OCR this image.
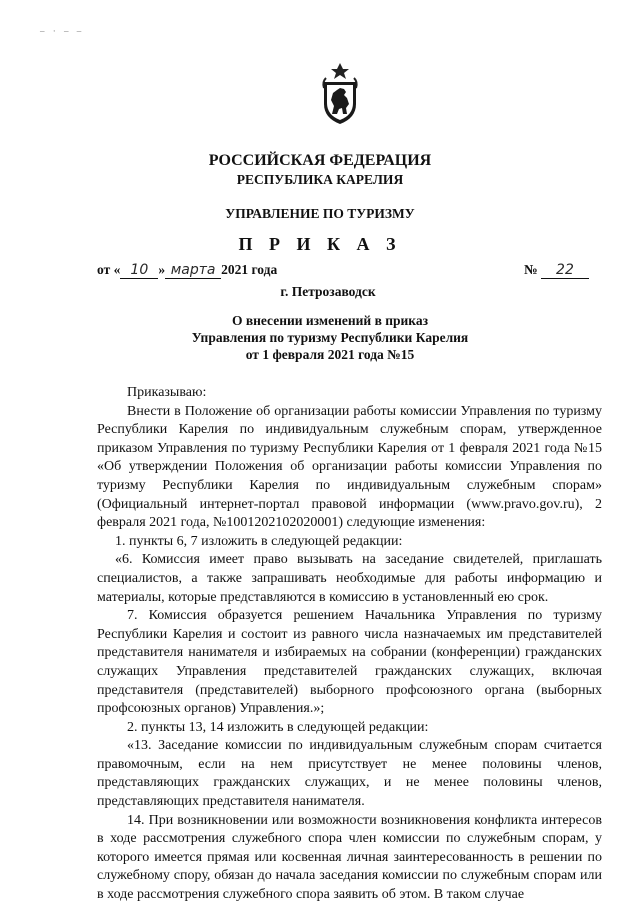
– · – –
РОССИЙСКАЯ ФЕДЕРАЦИЯ
РЕСПУБЛИКА КАРЕЛИЯ
УПРАВЛЕНИЕ ПО ТУРИЗМУ
П Р И К А З
от « 10 » марта 2021 года	№ 22
г. Петрозаводск
О внесении изменений в приказ
Управления по туризму Республики Карелия
от 1 февраля 2021 года №15

Приказываю:

Внести в Положение об организации работы комиссии Управления по туризму Республики Карелия по индивидуальным служебным спорам, утвержденное приказом Управления по туризму Республики Карелия от 1 февраля 2021 года №15 «Об утверждении Положения об организации работы комиссии Управления по туризму Республики Карелия по индивидуальным служебным спорам» (Официальный интернет-портал правовой информации (www.pravo.gov.ru), 2 февраля 2021 года, №1001202102020001) следующие изменения:

1. пункты 6, 7 изложить в следующей редакции:

«6. Комиссия имеет право вызывать на заседание свидетелей, приглашать специалистов, а также запрашивать необходимые для работы информацию и материалы, которые представляются в комиссию в установленный ею срок.

7. Комиссия образуется решением Начальника Управления по туризму Республики Карелия и состоит из равного числа назначаемых им представителей представителя нанимателя и избираемых на собрании (конференции) гражданских служащих Управления представителей гражданских служащих, включая представителя (представителей) выборного профсоюзного органа (выборных профсоюзных органов) Управления.»;

2. пункты 13, 14 изложить в следующей редакции:

«13. Заседание комиссии по индивидуальным служебным спорам считается правомочным, если на нем присутствует не менее половины членов, представляющих гражданских служащих, и не менее половины членов, представляющих представителя нанимателя.

14. При возникновении или возможности возникновения конфликта интересов в ходе рассмотрения служебного спора член комиссии по служебным спорам, у которого имеется прямая или косвенная личная заинтересованность в решении по служебному спору, обязан до начала заседания комиссии по служебным спорам или в ходе рассмотрения служебного спора заявить об этом. В таком случае
